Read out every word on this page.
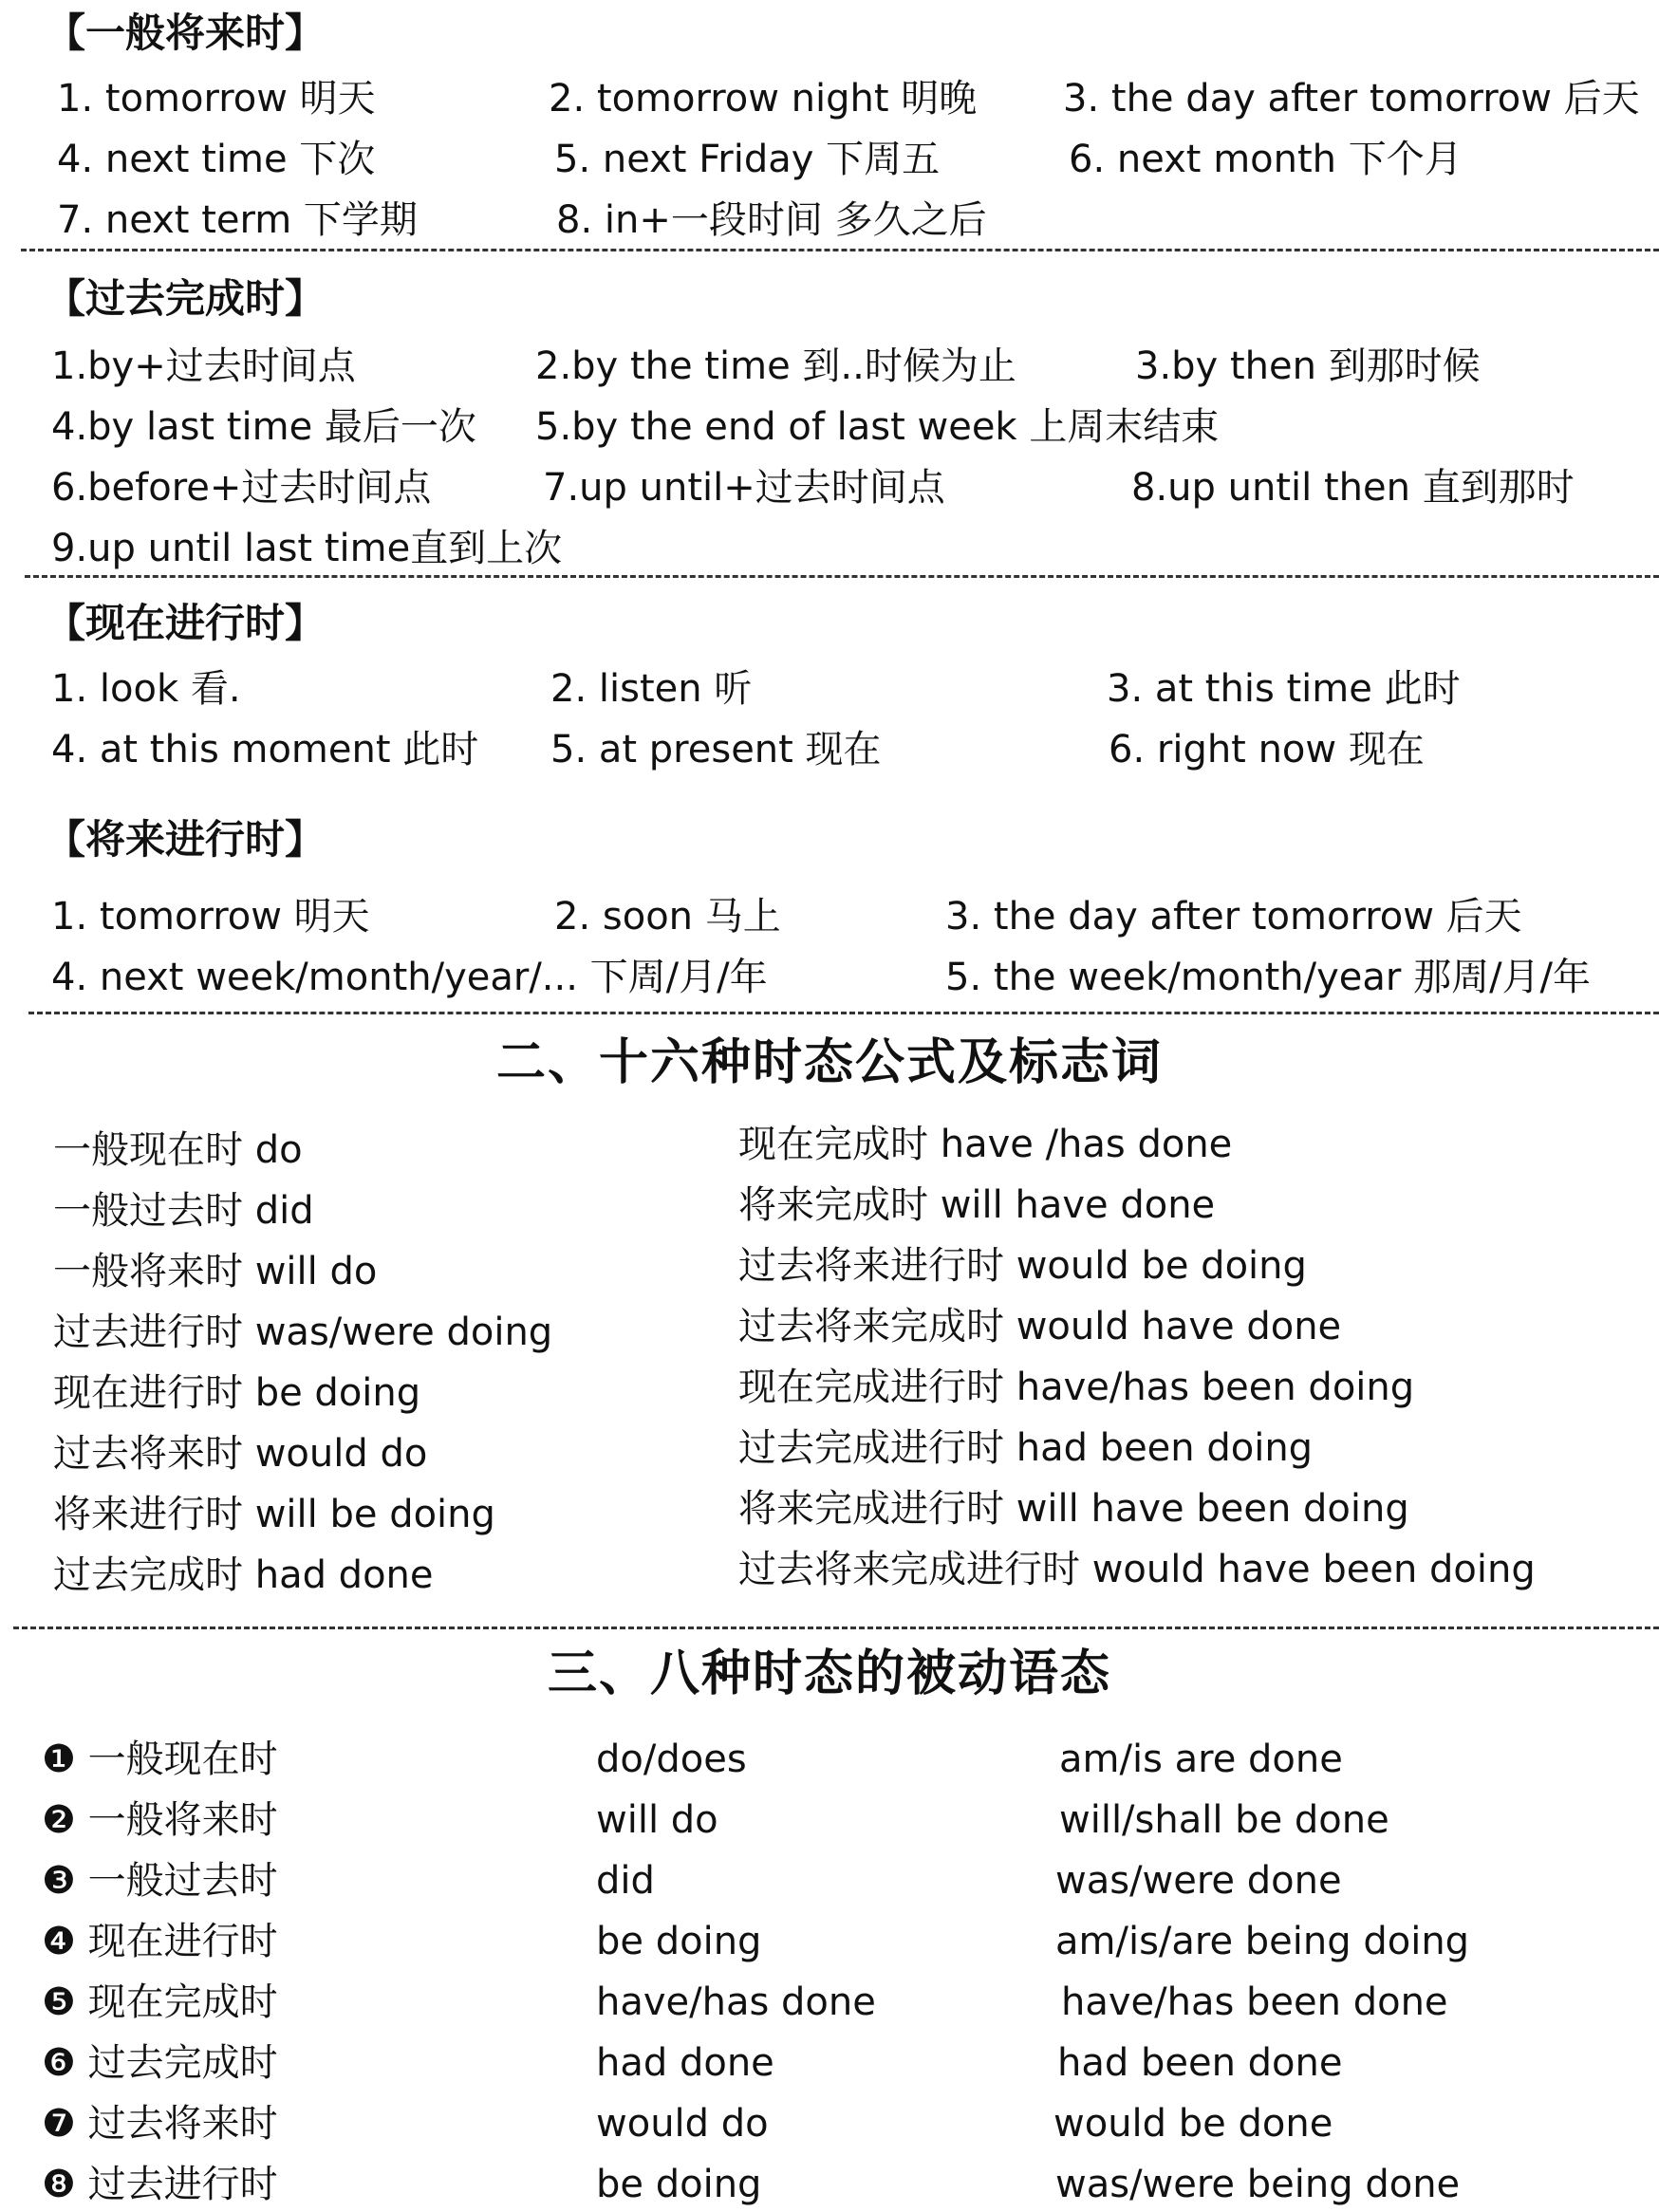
【一般将来时】
1. tomorrow 明天	2. tomorrow night 明晚 3. the day after tomorrow 后天
4. next time 下次	5. next Friday 下周五	6. next month 下个月
7. next term 下学期	8. in+一段时间 多久之后
【过去完成时】
1.by+过去时间点	2.by the time 到..时候为止	3.by then 到那时候
4.by last time 最后一次 5.by the end of last week 上周末结束
6.before+过去时间点	7.up until+过去时间点	8.up until then 直到那时
9.up until last time直到上次
【现在进行时】
1. look 看.	2. listen 听	3. at this time 此时
4. at this moment 此时 5. at present 现在	6. right now 现在
【将来进行时】
1. tomorrow 明天	2. soon 马上	3. the day after tomorrow 后天
4. next week/month/year/... 下周/月/年	5. the week/month/year 那周/月/年
二、十六种时态公式及标志词
一般现在时 do
一般过去时 did
一般将来时 will do
过去进行时 was/were doing
现在进行时 be doing
过去将来时 would do
将来进行时 will be doing
过去完成时 had done
现在完成时 have /has done
将来完成时 will have done
过去将来进行时 would be doing
过去将来完成时 would have done
现在完成进行时 have/has been doing
过去完成进行时 had been doing
将来完成进行时 will have been doing
过去将来完成进行时 would have been doing
三、八种时态的被动语态
❶ 一般现在时	do/does	am/is are done
❷ 一般将来时	will do	will/shall be done
❸ 一般过去时	did	was/were done
❹ 现在进行时	be doing	am/is/are being doing
❺ 现在完成时	have/has done	have/has been done
❻ 过去完成时	had done	had been done
❼ 过去将来时	would do	would be done
❽ 过去进行时	be doing	was/were being done
